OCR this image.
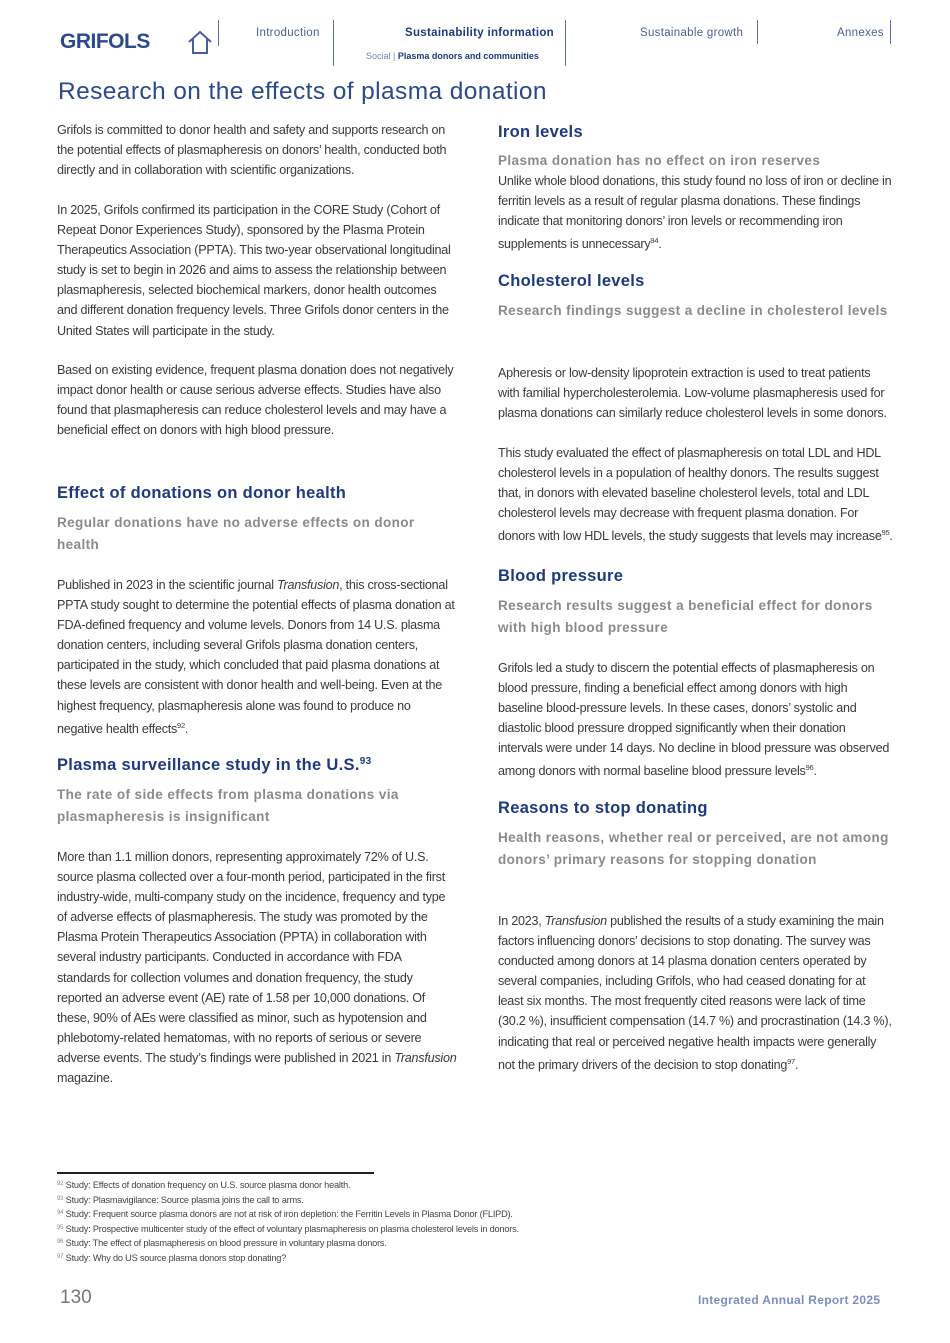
GRIFOLS	Introduction	Sustainability information
Social | Plasma donors and communities
Sustainable growth	Annexes
Research on the effects of plasma donation

Grifols is committed to donor health and safety and supports research on the potential effects of plasmapheresis on donors’ health, conducted both directly and in collaboration with scientific organizations.

In 2025, Grifols confirmed its participation in the CORE Study (Cohort of Repeat Donor Experiences Study), sponsored by the Plasma Protein Therapeutics Association (PPTA). This two-year observational longitudinal study is set to begin in 2026 and aims to assess the relationship between plasmapheresis, selected biochemical markers, donor health outcomes and different donation frequency levels. Three Grifols donor centers in the United States will participate in the study.

Based on existing evidence, frequent plasma donation does not negatively impact donor health or cause serious adverse effects. Studies have also found that plasmapheresis can reduce cholesterol levels and may have a beneficial effect on donors with high blood pressure.

Effect of donations on donor health
Regular donations have no adverse effects on donor health

Published in 2023 in the scientific journal Transfusion, this cross-sectional PPTA study sought to determine the potential effects of plasma donation at FDA-defined frequency and volume levels. Donors from 14 U.S. plasma donation centers, including several Grifols plasma donation centers, participated in the study, which concluded that paid plasma donations at these levels are consistent with donor health and well-being. Even at the highest frequency, plasmapheresis alone was found to produce no negative health effects$^{92}$.

Plasma surveillance study in the U.S.$^{93}$
The rate of side effects from plasma donations via plasmapheresis is insignificant

More than 1.1 million donors, representing approximately 72% of U.S. source plasma collected over a four-month period, participated in the first industry-wide, multi-company study on the incidence, frequency and type of adverse effects of plasmapheresis. The study was promoted by the Plasma Protein Therapeutics Association (PPTA) in collaboration with several industry participants. Conducted in accordance with FDA standards for collection volumes and donation frequency, the study reported an adverse event (AE) rate of 1.58 per 10,000 donations. Of these, 90% of AEs were classified as minor, such as hypotension and phlebotomy-related hematomas, with no reports of serious or severe adverse events. The study’s findings were published in 2021 in Transfusion magazine.

Iron levels
Plasma donation has no effect on iron reserves

Unlike whole blood donations, this study found no loss of iron or decline in ferritin levels as a result of regular plasma donations. These findings indicate that monitoring donors’ iron levels or recommending iron supplements is unnecessary$^{94}$.

Cholesterol levels
Research findings suggest a decline in cholesterol levels

Apheresis or low-density lipoprotein extraction is used to treat patients with familial hypercholesterolemia. Low-volume plasmapheresis used for plasma donations can similarly reduce cholesterol levels in some donors.

This study evaluated the effect of plasmapheresis on total LDL and HDL cholesterol levels in a population of healthy donors. The results suggest that, in donors with elevated baseline cholesterol levels, total and LDL cholesterol levels may decrease with frequent plasma donation. For donors with low HDL levels, the study suggests that levels may increase$^{95}$.

Blood pressure
Research results suggest a beneficial effect for donors with high blood pressure

Grifols led a study to discern the potential effects of plasmapheresis on blood pressure, finding a beneficial effect among donors with high baseline blood-pressure levels. In these cases, donors’ systolic and diastolic blood pressure dropped significantly when their donation intervals were under 14 days. No decline in blood pressure was observed among donors with normal baseline blood pressure levels$^{96}$.

Reasons to stop donating
Health reasons, whether real or perceived, are not among donors’ primary reasons for stopping donation

In 2023, Transfusion published the results of a study examining the main factors influencing donors’ decisions to stop donating. The survey was conducted among donors at 14 plasma donation centers operated by several companies, including Grifols, who had ceased donating for at least six months. The most frequently cited reasons were lack of time (30.2 %), insufficient compensation (14.7 %) and procrastination (14.3 %), indicating that real or perceived negative health impacts were generally not the primary drivers of the decision to stop donating$^{97}$.

$^{92}$ Study: Effects of donation frequency on U.S. source plasma donor health.
$^{93}$ Study: Plasmavigilance: Source plasma joins the call to arms.
$^{94}$ Study: Frequent source plasma donors are not at risk of iron depletion: the Ferritin Levels in Plasma Donor (FLIPD).
$^{95}$ Study: Prospective multicenter study of the effect of voluntary plasmapheresis on plasma cholesterol levels in donors.
$^{96}$ Study: The effect of plasmapheresis on blood pressure in voluntary plasma donors.
$^{97}$ Study: Why do US source plasma donors stop donating?
130	Integrated Annual Report 2025
